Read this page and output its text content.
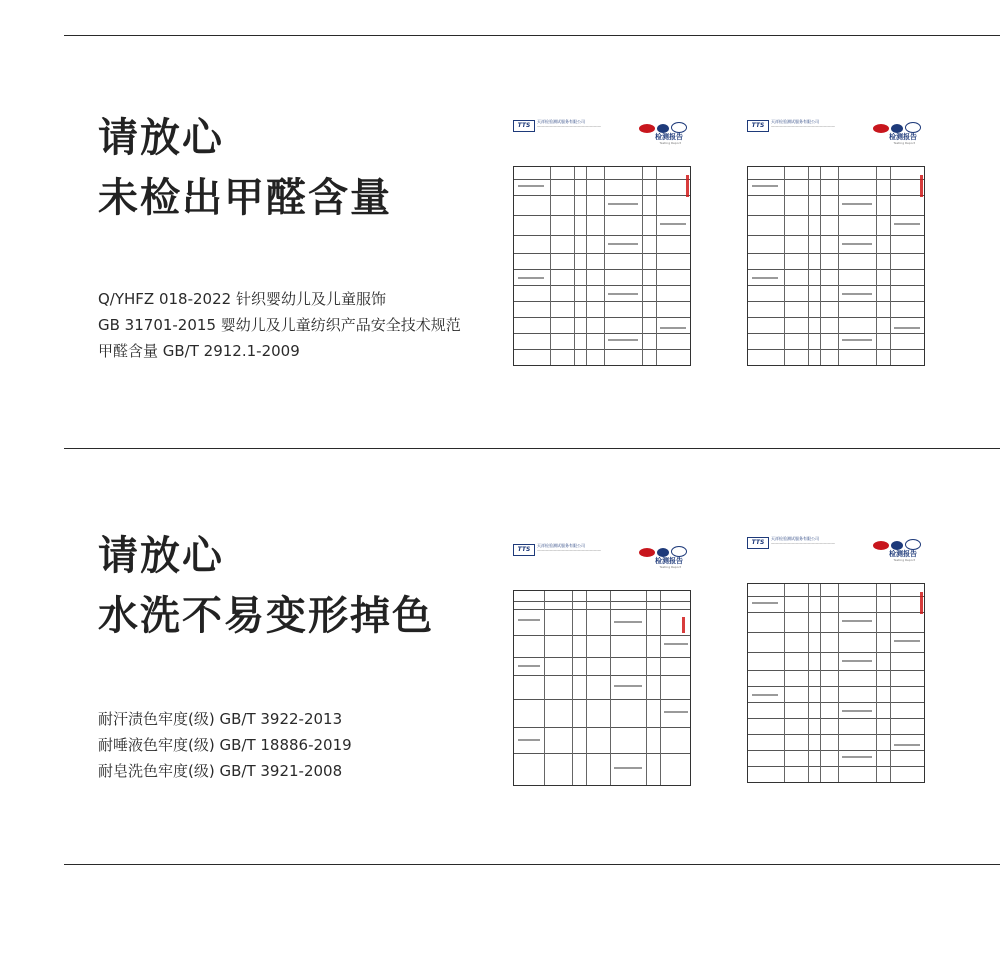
请放心
未检出甲醛含量
Q/YHFZ 018-2022 针织婴幼儿及儿童服饰
GB 31701-2015 婴幼儿及儿童纺织产品安全技术规范
甲醛含量 GB/T 2912.1-2009
TTS
天祥检验测试服务有限公司
————————————————
检测报告
Testing Report
TTS
天祥检验测试服务有限公司
————————————————
检测报告
Testing Report
请放心
水洗不易变形掉色
耐汗渍色牢度(级) GB/T 3922-2013
耐唾液色牢度(级) GB/T 18886-2019
耐皂洗色牢度(级) GB/T 3921-2008
TTS
天祥检验测试服务有限公司
————————————————
检测报告
Testing Report
TTS
天祥检验测试服务有限公司
————————————————
检测报告
Testing Report
